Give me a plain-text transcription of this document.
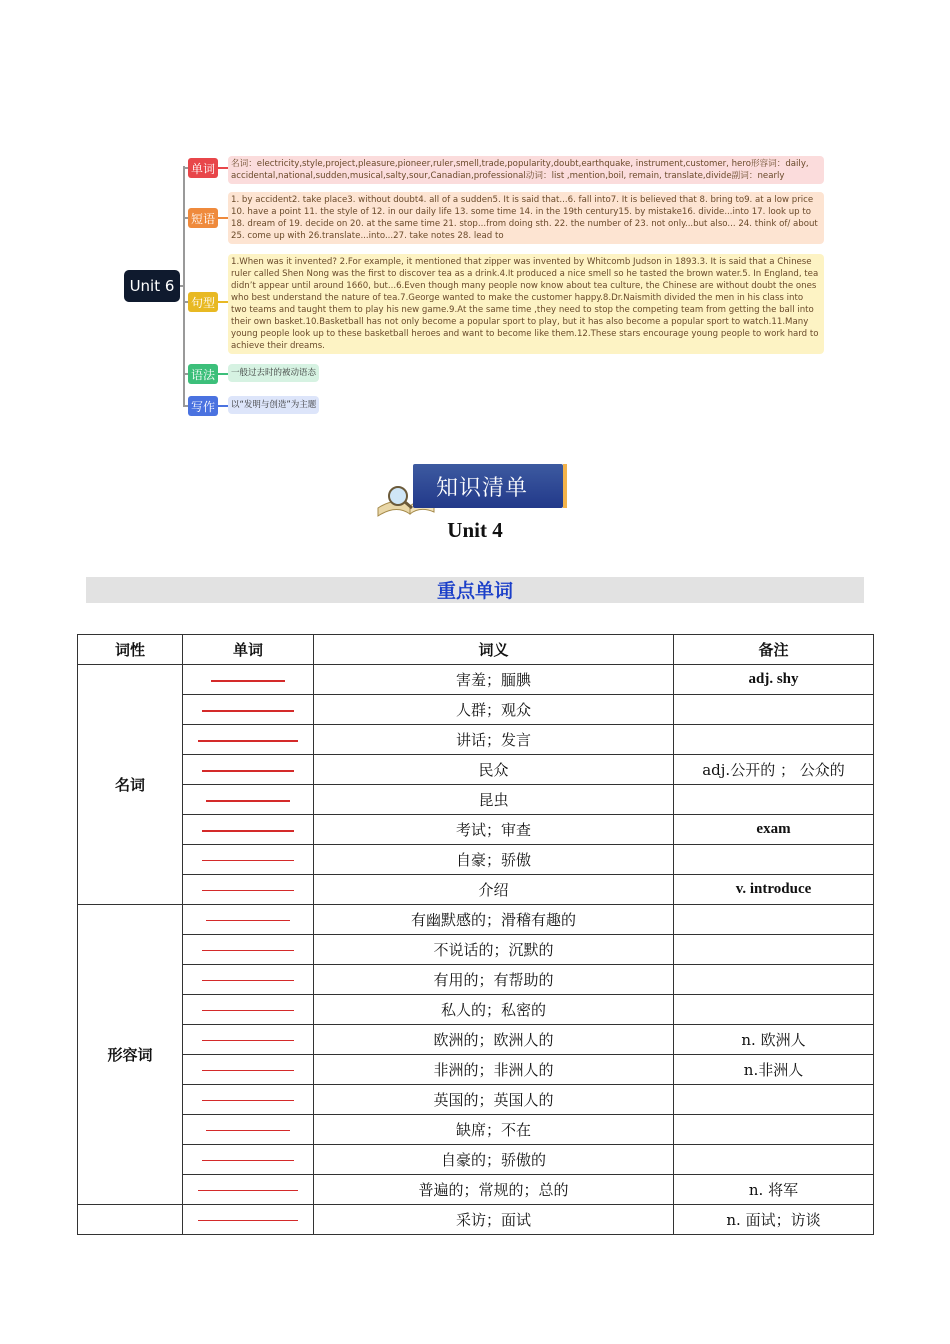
Unit 6
单词	名词：electricity,style,project,pleasure,pioneer,ruler,smell,trade,popularity,doubt,earthquake, instrument,customer, hero形容词：daily, accidental,national,sudden,musical,salty,sour,Canadian,professional动词：list ,mention,boil, remain, translate,divide副词：nearly
短语
1. by accident2. take place3. without doubt4. all of a sudden5. It is said that...6. fall into7. It is believed that 8. bring to9. at a low price 10. have a point 11. the style of 12. in our daily life 13. some time 14. in the 19th century15. by mistake16. divide...into 17. look up to 18. dream of 19. decide on 20. at the same time 21. stop...from doing sth. 22. the number of 23. not only...but also... 24. think of/ about 25. come up with 26.translate...into...27. take notes 28. lead to
句型
1.When was it invented? 2.For example, it mentioned that zipper was invented by Whitcomb Judson in 1893.3. It is said that a Chinese ruler called Shen Nong was the first to discover tea as a drink.4.It produced a nice smell so he tasted the brown water.5. In England, tea didn’t appear until around 1660, but...6.Even though many people now know about tea culture, the Chinese are without doubt the ones who best understand the nature of tea.7.George wanted to make the customer happy.8.Dr.Naismith divided the men in his class into two teams and taught them to play his new game.9.At the same time ,they need to stop the competing team from getting the ball into their own basket.10.Basketball has not only become a popular sport to play, but it has also become a popular sport to watch.11.Many young people look up to these basketball heroes and want to become like them.12.These stars encourage young people to work hard to achieve their dreams.
语法	一般过去时的被动语态
写作	以“发明与创造”为主题
知识清单
Unit 4
重点单词
词性	单词	词义	备注
名词		害羞；腼腆	adj. shy
		人群；观众	
		讲话；发言	
		民众	adj.公开的 ； 公众的
		昆虫	
		考试；审查	exam
		自豪；骄傲	
		介绍	v. introduce
形容词		有幽默感的；滑稽有趣的	
		不说话的；沉默的	
		有用的；有帮助的	
		私人的；私密的	
		欧洲的；欧洲人的	n. 欧洲人
		非洲的；非洲人的	n.非洲人
		英国的；英国人的	
		缺席；不在	
		自豪的；骄傲的	
		普遍的；常规的；总的	n. 将军
		采访；面试	n. 面试；访谈
